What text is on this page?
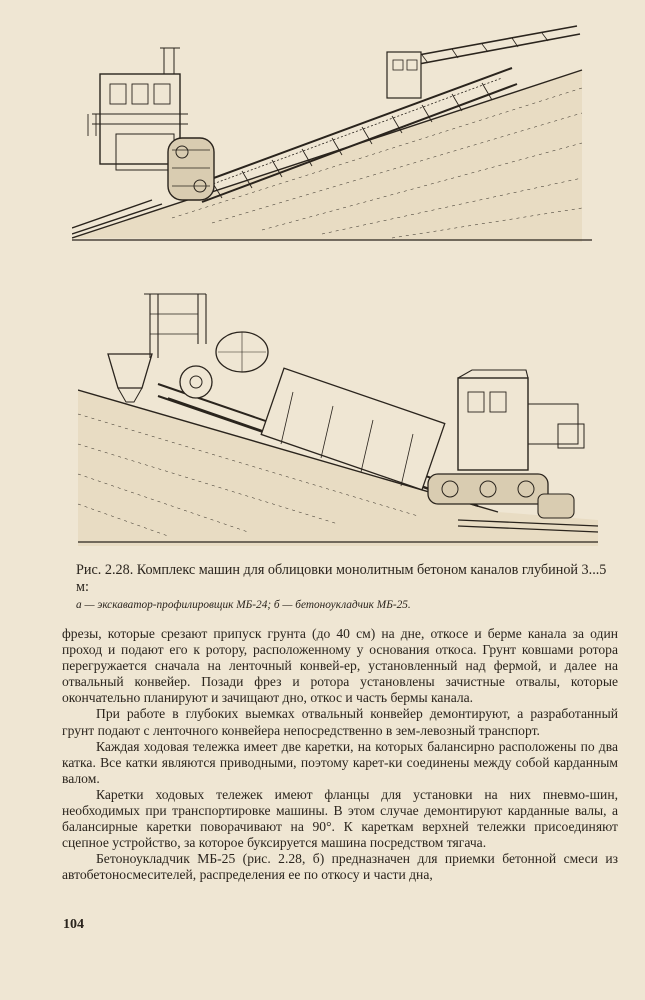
Рис. 2.28. Комплекс машин для облицовки монолитным бетоном каналов глубиной 3...5 м:

а — экскаватор-профилировщик МБ-24; б — бетоноукладчик МБ-25.

фрезы, которые срезают припуск грунта (до 40 см) на дне, откосе и берме канала за один проход и подают его к ротору, расположенному у основания откоса. Грунт ковшами ротора перегружается сначала на ленточный конвей-ер, установленный над фермой, и далее на отвальный конвейер. Позади фрез и ротора установлены зачистные отвалы, которые окончательно планируют и зачищают дно, откос и часть бермы канала.

При работе в глубоких выемках отвальный конвейер демонтируют, а разработанный грунт подают с ленточного конвейера непосредственно в зем-левозный транспорт.

Каждая ходовая тележка имеет две каретки, на которых балансирно расположены по два катка. Все катки являются приводными, поэтому карет-ки соединены между собой карданным валом.

Каретки ходовых тележек имеют фланцы для установки на них пневмо-шин, необходимых при транспортировке машины. В этом случае демонтируют карданные валы, а балансирные каретки поворачивают на 90°. К кареткам верхней тележки присоединяют сцепное устройство, за которое буксируется машина посредством тягача.

Бетоноукладчик МБ-25 (рис. 2.28, б) предназначен для приемки бетонной смеси из автобетоносмесителей, распределения ее по откосу и части дна,

104
